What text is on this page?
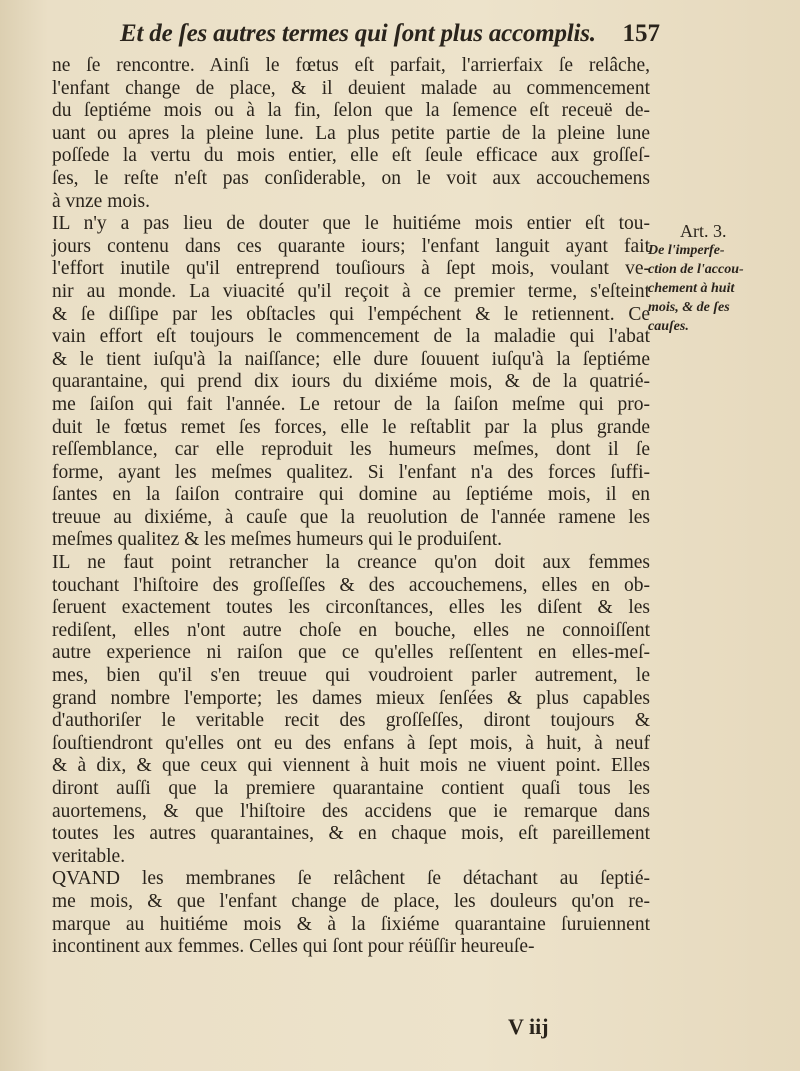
Et de ſes autres termes qui ſont plus accomplis. 157
ne ſe rencontre. Ainſi le fœtus eſt parfait, l'arrierfaix ſe relâche,
l'enfant change de place, & il deuient malade au commencement
du ſeptiéme mois ou à la fin, ſelon que la ſemence eſt receuë de-
uant ou apres la pleine lune. La plus petite partie de la pleine lune
poſſede la vertu du mois entier, elle eſt ſeule efficace aux groſſeſ-
ſes, le reſte n'eſt pas conſiderable, on le voit aux accouchemens
à vnze mois.
IL n'y a pas lieu de douter que le huitiéme mois entier eſt tou-
jours contenu dans ces quarante iours; l'enfant languit ayant fait
l'effort inutile qu'il entreprend touſiours à ſept mois, voulant ve-
nir au monde. La viuacité qu'il reçoit à ce premier terme, s'eſteint
& ſe diſſipe par les obſtacles qui l'empéchent & le retiennent. Ce
vain effort eſt toujours le commencement de la maladie qui l'abat
& le tient iuſqu'à la naiſſance; elle dure ſouuent iuſqu'à la ſeptiéme
quarantaine, qui prend dix iours du dixiéme mois, & de la quatrié-
me ſaiſon qui fait l'année. Le retour de la ſaiſon meſme qui pro-
duit le fœtus remet ſes forces, elle le reſtablit par la plus grande
reſſemblance, car elle reproduit les humeurs meſmes, dont il ſe
forme, ayant les meſmes qualitez. Si l'enfant n'a des forces ſuffi-
ſantes en la ſaiſon contraire qui domine au ſeptiéme mois, il en
treuue au dixiéme, à cauſe que la reuolution de l'année ramene les
meſmes qualitez & les meſmes humeurs qui le produiſent.
IL ne faut point retrancher la creance qu'on doit aux femmes
touchant l'hiſtoire des groſſeſſes & des accouchemens, elles en ob-
ſeruent exactement toutes les circonſtances, elles les diſent & les
rediſent, elles n'ont autre choſe en bouche, elles ne connoiſſent
autre experience ni raiſon que ce qu'elles reſſentent en elles-meſ-
mes, bien qu'il s'en treuue qui voudroient parler autrement, le
grand nombre l'emporte; les dames mieux ſenſées & plus capables
d'authoriſer le veritable recit des groſſeſſes, diront toujours &
ſouſtiendront qu'elles ont eu des enfans à ſept mois, à huit, à neuf
& à dix, & que ceux qui viennent à huit mois ne viuent point. Elles
diront auſſi que la premiere quarantaine contient quaſi tous les
auortemens, & que l'hiſtoire des accidens que ie remarque dans
toutes les autres quarantaines, & en chaque mois, eſt pareillement
veritable.
QVAND les membranes ſe relâchent ſe détachant au ſeptié-
me mois, & que l'enfant change de place, les douleurs qu'on re-
marque au huitiéme mois & à la ſixiéme quarantaine ſuruiennent
incontinent aux femmes. Celles qui ſont pour réüſſir heureuſe-
Art. 3.
De l'imperfe-
ction de l'accou-
chement à huit
mois, & de ſes
cauſes.
V iij
